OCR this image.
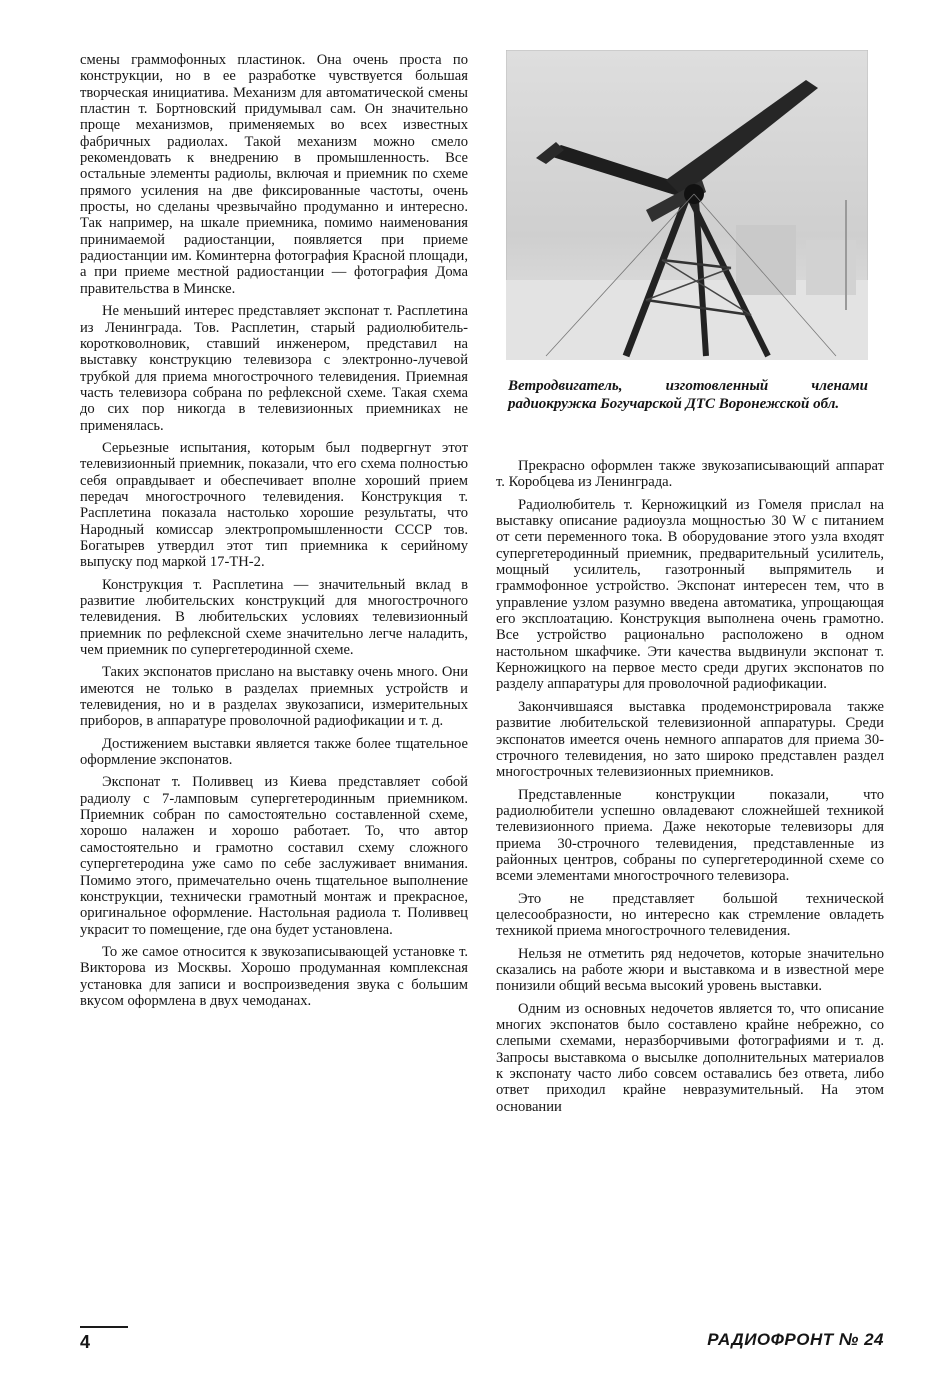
смены граммофонных пластинок. Она очень проста по конструкции, но в ее разработке чувствуется большая творческая инициатива. Механизм для автоматической смены пластин т. Бортновский придумывал сам. Он значительно проще механизмов, применяемых во всех известных фабричных радиолах. Такой механизм можно смело рекомендовать к внедрению в промышленность. Все остальные элементы радиолы, включая и приемник по схеме прямого усиления на две фиксированные частоты, очень просты, но сделаны чрезвычайно продуманно и интересно. Так например, на шкале приемника, помимо наименования принимаемой радиостанции, появляется при приеме радиостанции им. Коминтерна фотография Красной площади, а при приеме местной радиостанции — фотография Дома правительства в Минске.

Не меньший интерес представляет экспонат т. Расплетина из Ленинграда. Тов. Расплетин, старый радиолюбитель-коротковолновик, ставший инженером, представил на выставку конструкцию телевизора с электронно-лучевой трубкой для приема многострочного телевидения. Приемная часть телевизора собрана по рефлексной схеме. Такая схема до сих пор никогда в телевизионных приемниках не применялась.

Серьезные испытания, которым был подвергнут этот телевизионный приемник, показали, что его схема полностью себя оправдывает и обеспечивает вполне хороший прием передач многострочного телевидения. Конструкция т. Расплетина показала настолько хорошие результаты, что Народный комиссар электропромышленности СССР тов. Богатырев утвердил этот тип приемника к серийному выпуску под маркой 17-ТН-2.

Конструкция т. Расплетина — значительный вклад в развитие любительских конструкций для многострочного телевидения. В любительских условиях телевизионный приемник по рефлексной схеме значительно легче наладить, чем приемник по супергетеродинной схеме.

Таких экспонатов прислано на выставку очень много. Они имеются не только в разделах приемных устройств и телевидения, но и в разделах звукозаписи, измерительных приборов, в аппаратуре проволочной радиофикации и т. д.

Достижением выставки является также более тщательное оформление экспонатов.

Экспонат т. Поливвец из Киева представляет собой радиолу с 7-ламповым супергетеродинным приемником. Приемник собран по самостоятельно составленной схеме, хорошо налажен и хорошо работает. То, что автор самостоятельно и грамотно составил схему сложного супергетеродина уже само по себе заслуживает внимания. Помимо этого, примечательно очень тщательное выполнение конструкции, технически грамотный монтаж и прекрасное, оригинальное оформление. Настольная радиола т. Поливвец украсит то помещение, где она будет установлена.

То же самое относится к звукозаписывающей установке т. Викторова из Москвы. Хорошо продуманная комплексная установка для записи и воспроизведения звука с большим вкусом оформлена в двух чемоданах.

Ветродвигатель, изготовленный членами радиокружка Богучарской ДТС Воронежской обл.

Прекрасно оформлен также звукозаписывающий аппарат т. Коробцева из Ленинграда.

Радиолюбитель т. Керножицкий из Гомеля прислал на выставку описание радиоузла мощностью 30 W с питанием от сети переменного тока. В оборудование этого узла входят супергетеродинный приемник, предварительный усилитель, мощный усилитель, газотронный выпрямитель и граммофонное устройство. Экспонат интересен тем, что в управление узлом разумно введена автоматика, упрощающая его эксплоатацию. Конструкция выполнена очень грамотно. Все устройство рационально расположено в одном настольном шкафчике. Эти качества выдвинули экспонат т. Керножицкого на первое место среди других экспонатов по разделу аппаратуры для проволочной радиофикации.

Закончившаяся выставка продемонстрировала также развитие любительской телевизионной аппаратуры. Среди экспонатов имеется очень немного аппаратов для приема 30-строчного телевидения, но зато широко представлен раздел многострочных телевизионных приемников.

Представленные конструкции показали, что радиолюбители успешно овладевают сложнейшей техникой телевизионного приема. Даже некоторые телевизоры для приема 30-строчного телевидения, представленные из районных центров, собраны по супергетеродинной схеме со всеми элементами многострочного телевизора.

Это не представляет большой технической целесообразности, но интересно как стремление овладеть техникой приема многострочного телевидения.

Нельзя не отметить ряд недочетов, которые значительно сказались на работе жюри и выставкома и в известной мере понизили общий весьма высокий уровень выставки.

Одним из основных недочетов является то, что описание многих экспонатов было составлено крайне небрежно, со слепыми схемами, неразборчивыми фотографиями и т. д. Запросы выставкома о высылке дополнительных материалов к экспонату часто либо совсем оставались без ответа, либо ответ приходил крайне невразумительный. На этом основании

4	РАДИОФРОНТ № 24
